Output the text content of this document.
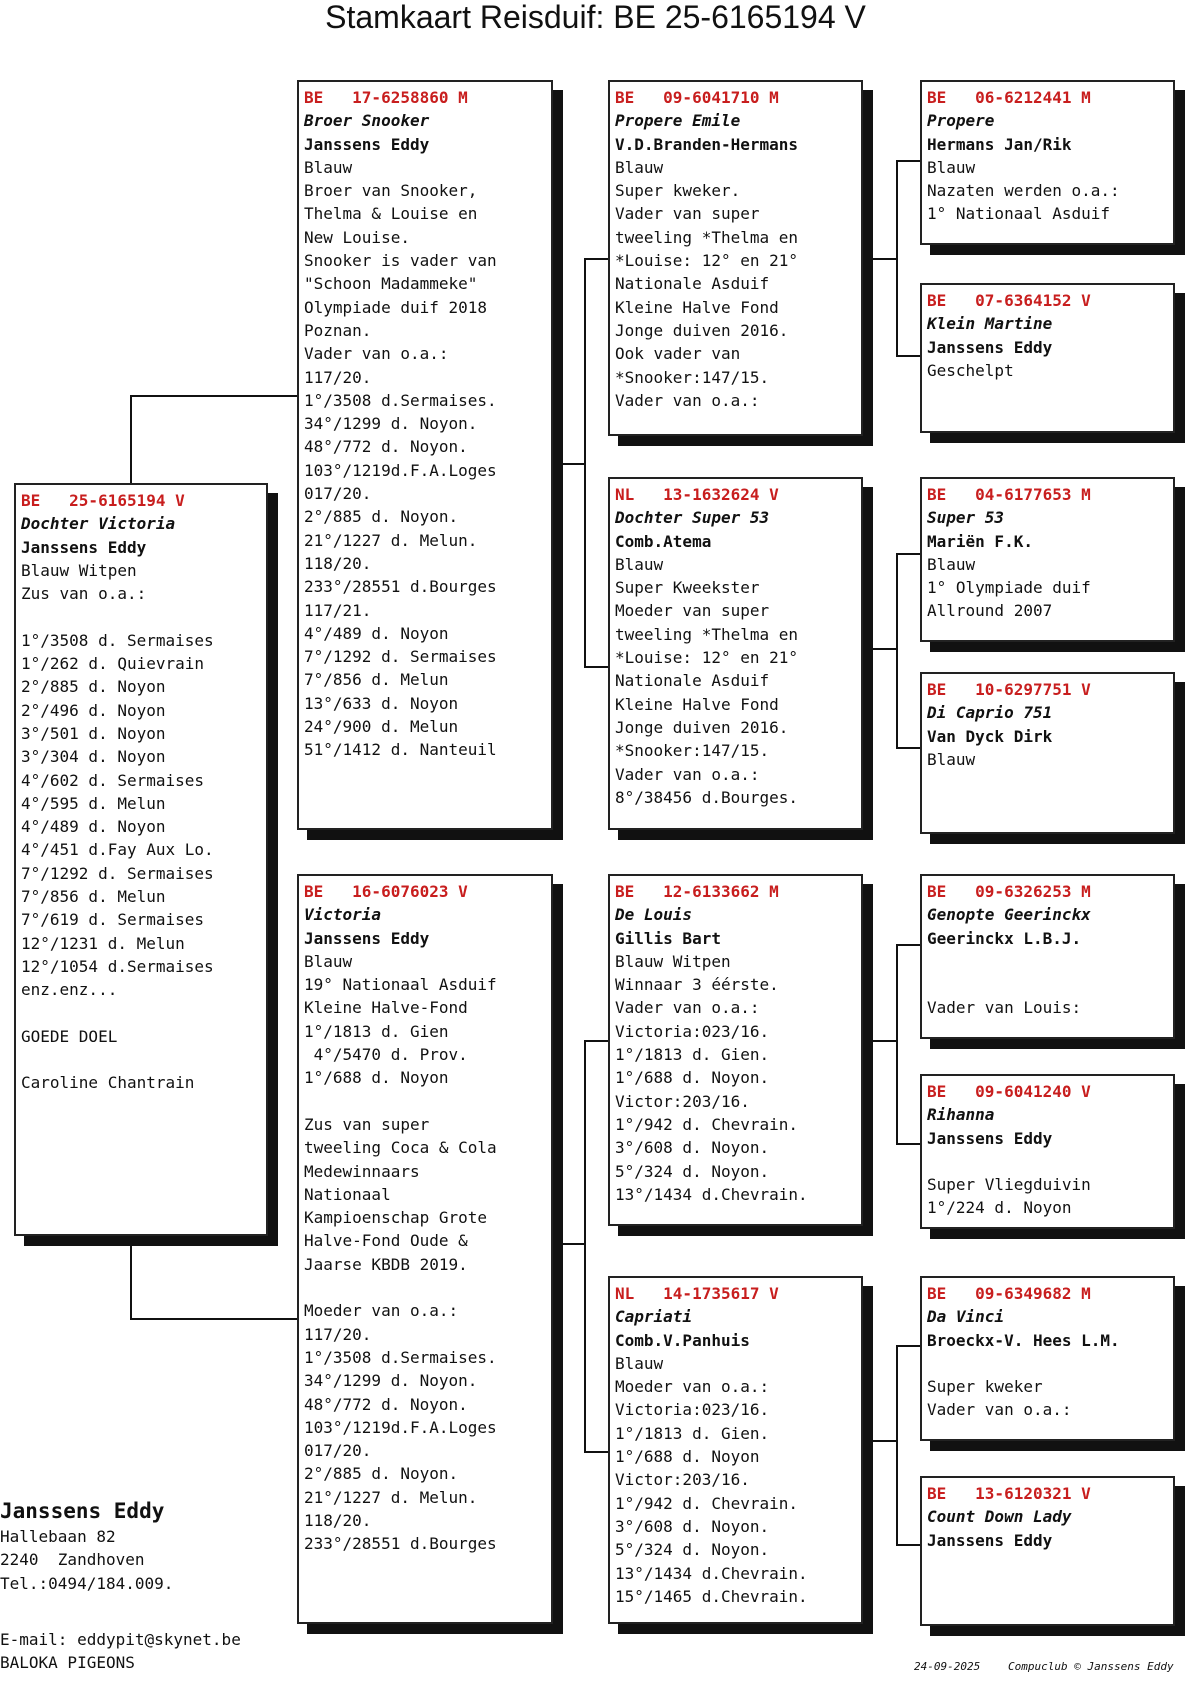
Stamkaart Reisduif: BE 25-6165194 V
BE   25-6165194 V
Dochter Victoria
Janssens Eddy
Blauw Witpen
Zus van o.a.:
1°/3508 d. Sermaises
1°/262 d. Quievrain
2°/885 d. Noyon
2°/496 d. Noyon
3°/501 d. Noyon
3°/304 d. Noyon
4°/602 d. Sermaises
4°/595 d. Melun
4°/489 d. Noyon
4°/451 d.Fay Aux Lo.
7°/1292 d. Sermaises
7°/856 d. Melun
7°/619 d. Sermaises
12°/1231 d. Melun
12°/1054 d.Sermaises
enz.enz...
GOEDE DOEL
Caroline Chantrain
BE   17-6258860 M
Broer Snooker
Janssens Eddy
Blauw
Broer van Snooker,
Thelma & Louise en
New Louise.
Snooker is vader van
"Schoon Madammeke"
Olympiade duif 2018
Poznan.
Vader van o.a.:
117/20.
1°/3508 d.Sermaises.
34°/1299 d. Noyon.
48°/772 d. Noyon.
103°/1219d.F.A.Loges
017/20.
2°/885 d. Noyon.
21°/1227 d. Melun.
118/20.
233°/28551 d.Bourges
117/21.
4°/489 d. Noyon
7°/1292 d. Sermaises
7°/856 d. Melun
13°/633 d. Noyon
24°/900 d. Melun
51°/1412 d. Nanteuil
BE   16-6076023 V
Victoria
Janssens Eddy
Blauw
19° Nationaal Asduif
Kleine Halve-Fond
1°/1813 d. Gien
4°/5470 d. Prov.
1°/688 d. Noyon
Zus van super
tweeling Coca & Cola
Medewinnaars
Nationaal
Kampioenschap Grote
Halve-Fond Oude &
Jaarse KBDB 2019.
Moeder van o.a.:
117/20.
1°/3508 d.Sermaises.
34°/1299 d. Noyon.
48°/772 d. Noyon.
103°/1219d.F.A.Loges
017/20.
2°/885 d. Noyon.
21°/1227 d. Melun.
118/20.
233°/28551 d.Bourges
BE   09-6041710 M
Propere Emile
V.D.Branden-Hermans
Blauw
Super kweker.
Vader van super
tweeling *Thelma en
*Louise: 12° en 21°
Nationale Asduif
Kleine Halve Fond
Jonge duiven 2016.
Ook vader van
*Snooker:147/15.
Vader van o.a.:
NL   13-1632624 V
Dochter Super 53
Comb.Atema
Blauw
Super Kweekster
Moeder van super
tweeling *Thelma en
*Louise: 12° en 21°
Nationale Asduif
Kleine Halve Fond
Jonge duiven 2016.
*Snooker:147/15.
Vader van o.a.:
8°/38456 d.Bourges.
BE   12-6133662 M
De Louis
Gillis Bart
Blauw Witpen
Winnaar 3 éérste.
Vader van o.a.:
Victoria:023/16.
1°/1813 d. Gien.
1°/688 d. Noyon.
Victor:203/16.
1°/942 d. Chevrain.
3°/608 d. Noyon.
5°/324 d. Noyon.
13°/1434 d.Chevrain.
NL   14-1735617 V
Capriati
Comb.V.Panhuis
Blauw
Moeder van o.a.:
Victoria:023/16.
1°/1813 d. Gien.
1°/688 d. Noyon
Victor:203/16.
1°/942 d. Chevrain.
3°/608 d. Noyon.
5°/324 d. Noyon.
13°/1434 d.Chevrain.
15°/1465 d.Chevrain.
BE   06-6212441 M
Propere
Hermans Jan/Rik
Blauw
Nazaten werden o.a.:
1° Nationaal Asduif
BE   07-6364152 V
Klein Martine
Janssens Eddy
Geschelpt
BE   04-6177653 M
Super 53
Mariën F.K.
Blauw
1° Olympiade duif
Allround 2007
BE   10-6297751 V
Di Caprio 751
Van Dyck Dirk
Blauw
BE   09-6326253 M
Genopte Geerinckx
Geerinckx L.B.J.
Vader van Louis:
BE   09-6041240 V
Rihanna
Janssens Eddy
Super Vliegduivin
1°/224 d. Noyon
BE   09-6349682 M
Da Vinci
Broeckx-V. Hees L.M.
Super kweker
Vader van o.a.:
BE   13-6120321 V
Count Down Lady
Janssens Eddy
Janssens Eddy
Hallebaan 82
2240  Zandhoven
Tel.:0494/184.009.
E-mail: eddypit@skynet.be
BALOKA PIGEONS	24-09-2025	Compuclub © Janssens Eddy
